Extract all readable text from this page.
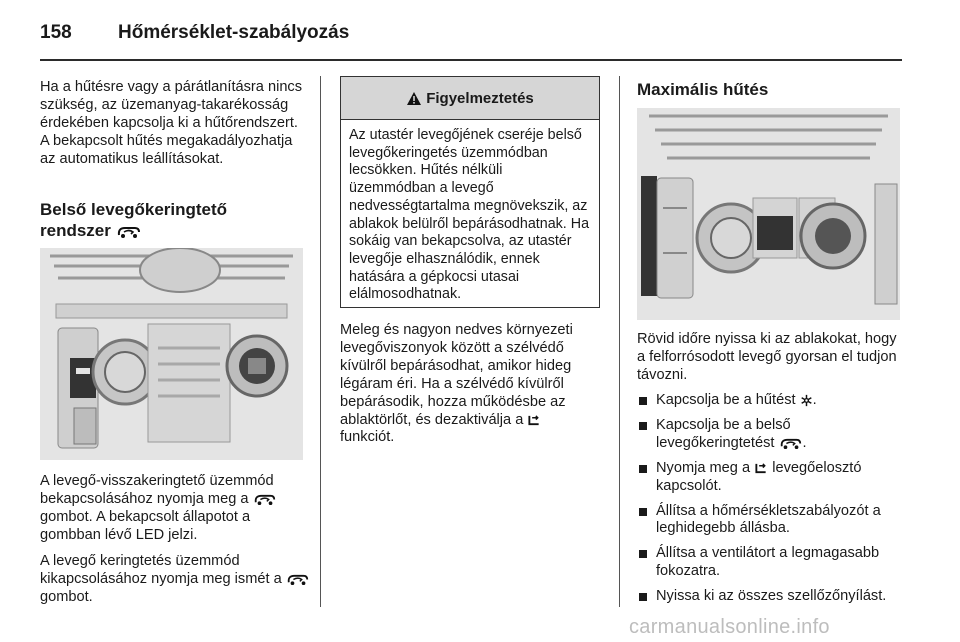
158 Hőmérséklet-szabályozás

Ha a hűtésre vagy a párátlanításra nincs szükség, az üzemanyag-takarékosság érdekében kapcsolja ki a hűtőrendszert. A bekapcsolt hűtés megakadályozhatja az automatikus leállításokat.

Belső levegőkeringtető
rendszer

A levegő-visszakeringtető üzemmód bekapcsolásához nyomja meg a  gombot. A bekapcsolt állapotot a gombban lévő LED jelzi.

A levegő keringtetés üzemmód kikapcsolásához nyomja meg ismét a  gombot.

Figyelmeztetés
Az utastér levegőjének cseréje belső levegőkeringetés üzemmódban lecsökken. Hűtés nélküli üzemmódban a levegő nedvességtartalma megnövekszik, az ablakok belülről bepárásodhatnak. Ha sokáig van bekapcsolva, az utastér levegője elhasználódik, ennek hatására a gépkocsi utasai elálmosodhatnak.

Meleg és nagyon nedves környezeti levegőviszonyok között a szélvédő kívülről bepárásodhat, amikor hideg légáram éri. Ha a szélvédő kívülről bepárásodik, hozza működésbe az ablaktörlőt, és dezaktiválja a
funkciót.

Maximális hűtés

Rövid időre nyissa ki az ablakokat, hogy a felforrósodott levegő gyorsan el tudjon távozni.

Kapcsolja be a hűtést .
Kapcsolja be a belső levegőkeringtetést .
Nyomja meg a levegőelosztó kapcsolót.
Állítsa a hőmérsékletszabályozót a leghidegebb állásba.
Állítsa a ventilátort a legmagasabb fokozatra.
Nyissa ki az összes szellőzőnyílást.
carmanualsonline.info
